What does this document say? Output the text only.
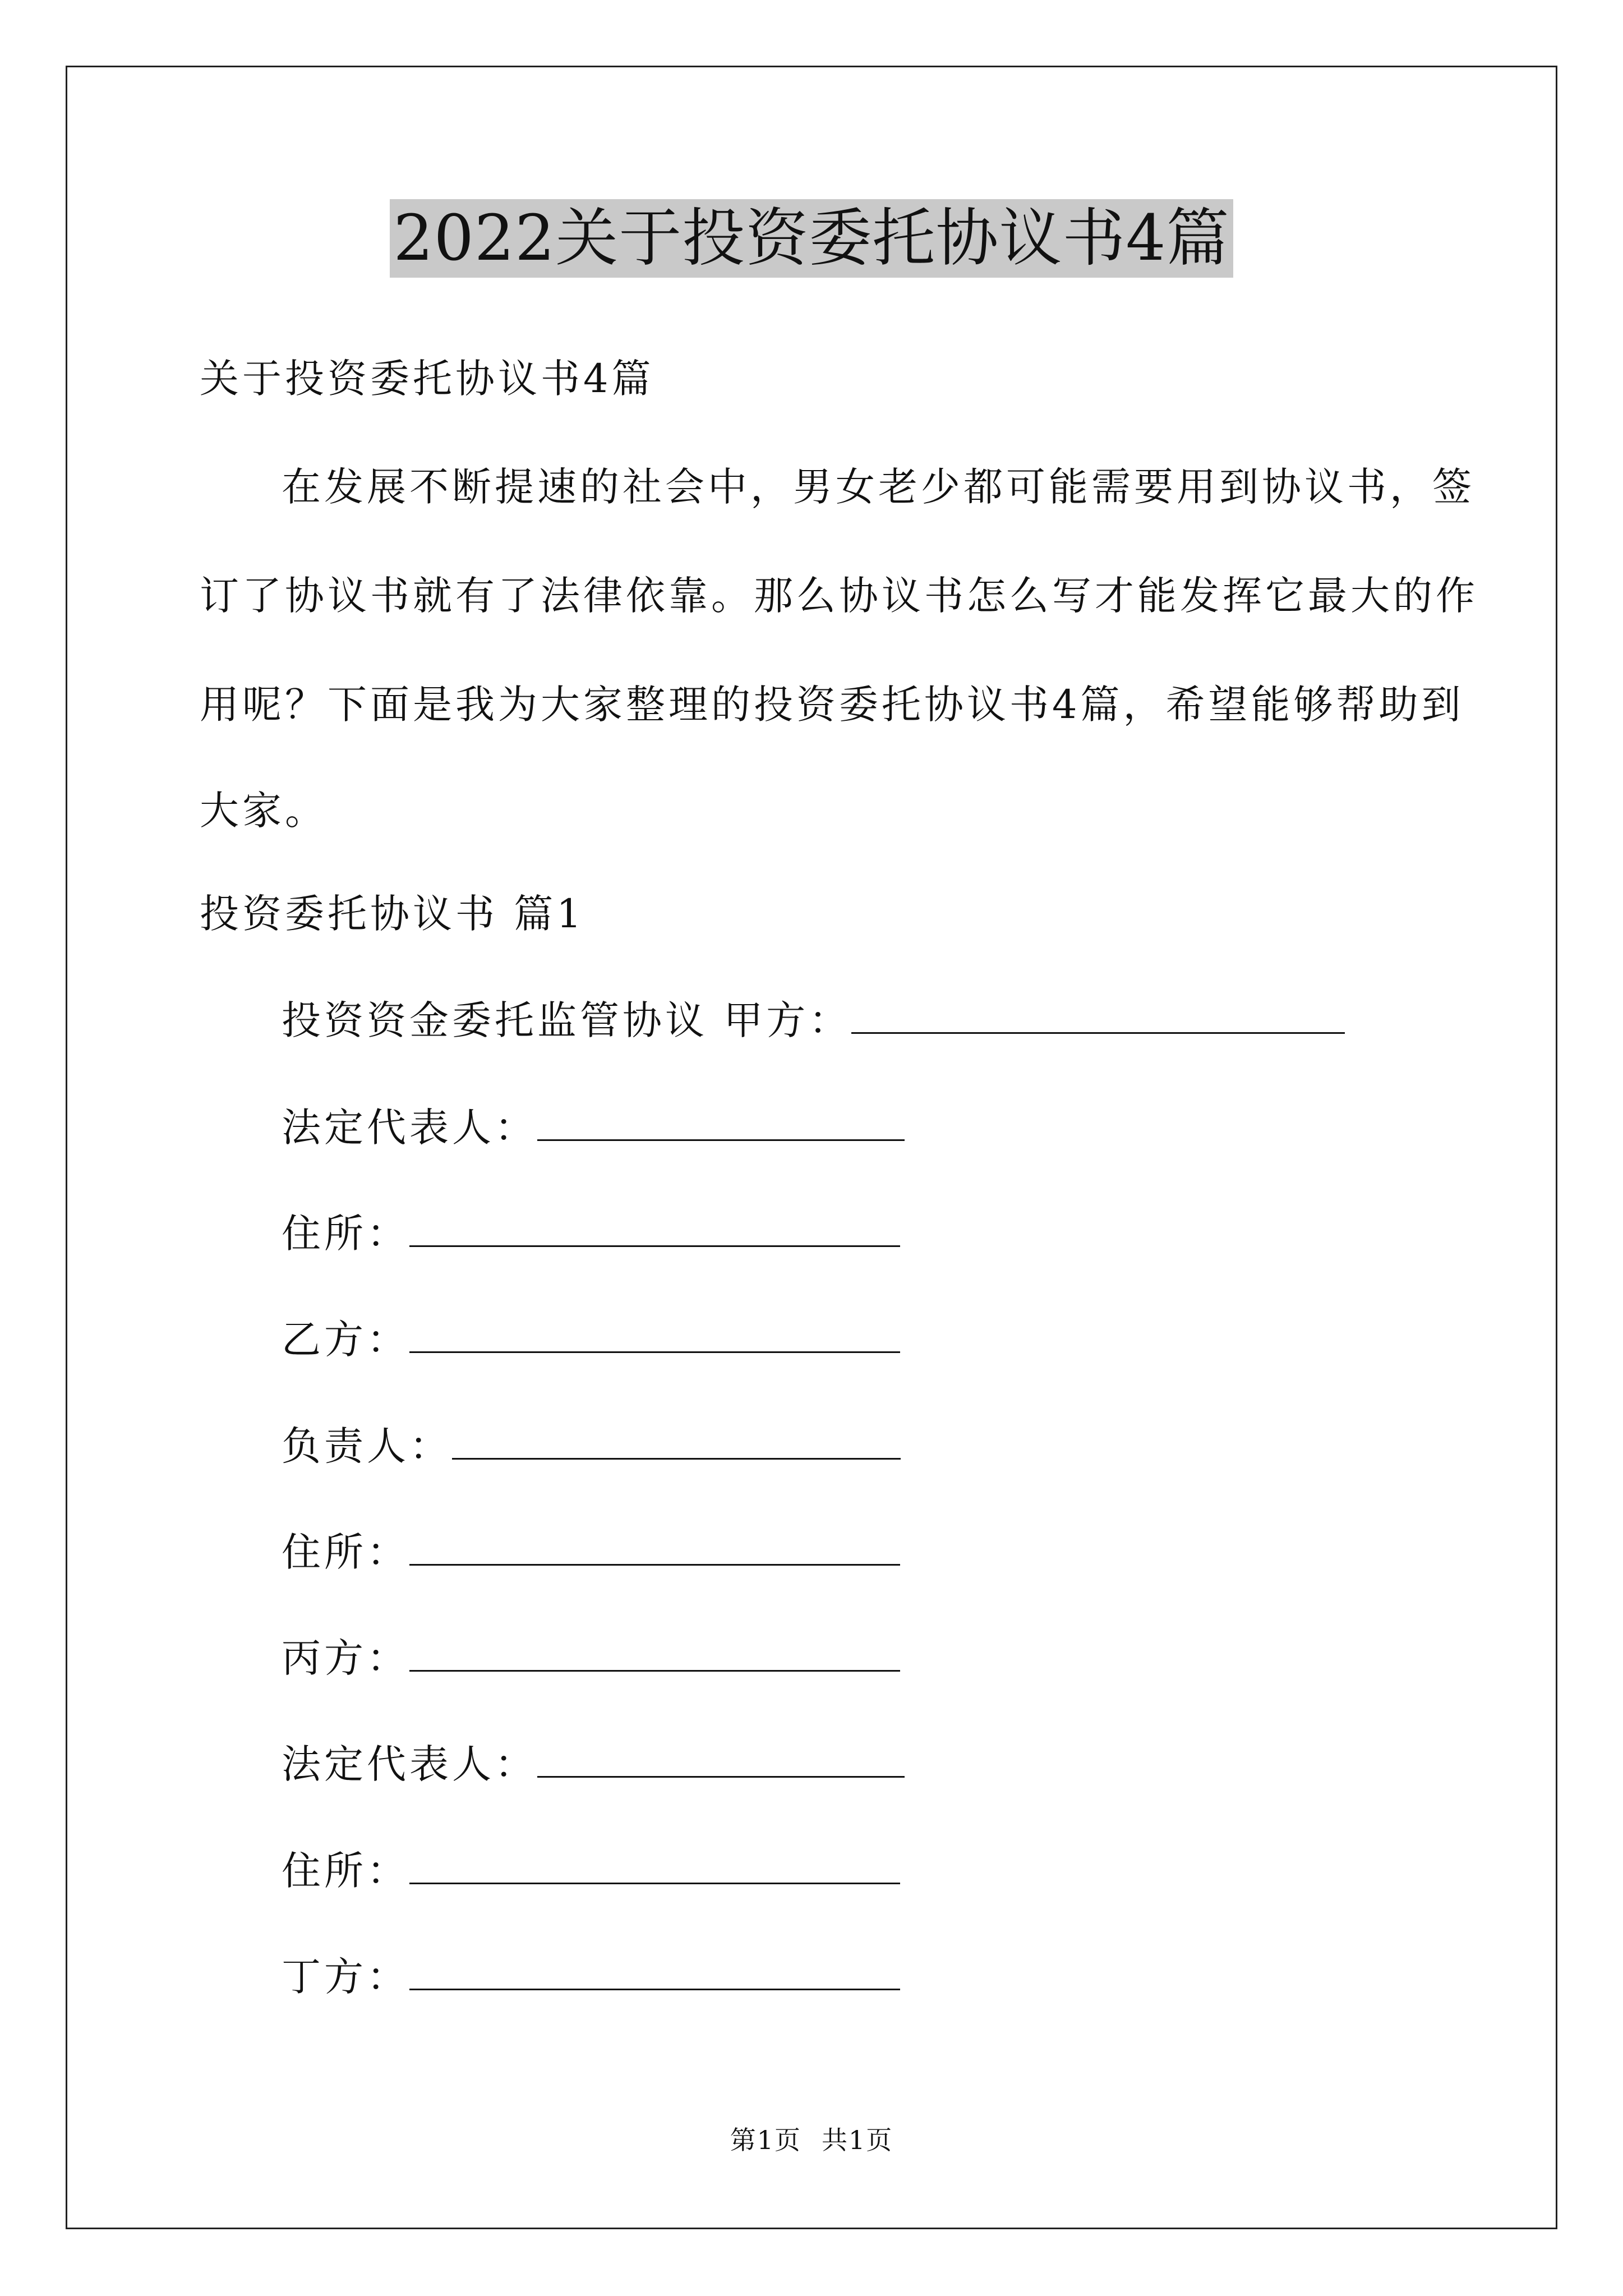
2022关于投资委托协议书4篇
关于投资委托协议书4篇
在发展不断提速的社会中，男女老少都可能需要用到协议书，签
订了协议书就有了法律依靠。那么协议书怎么写才能发挥它最大的作
用呢？下面是我为大家整理的投资委托协议书4篇，希望能够帮助到
大家。
投资委托协议书 篇1
投资资金委托监管协议 甲方：
法定代表人：
住所：
乙方：
负责人：
住所：
丙方：
法定代表人：
住所：
丁方：
第1页 共1页
